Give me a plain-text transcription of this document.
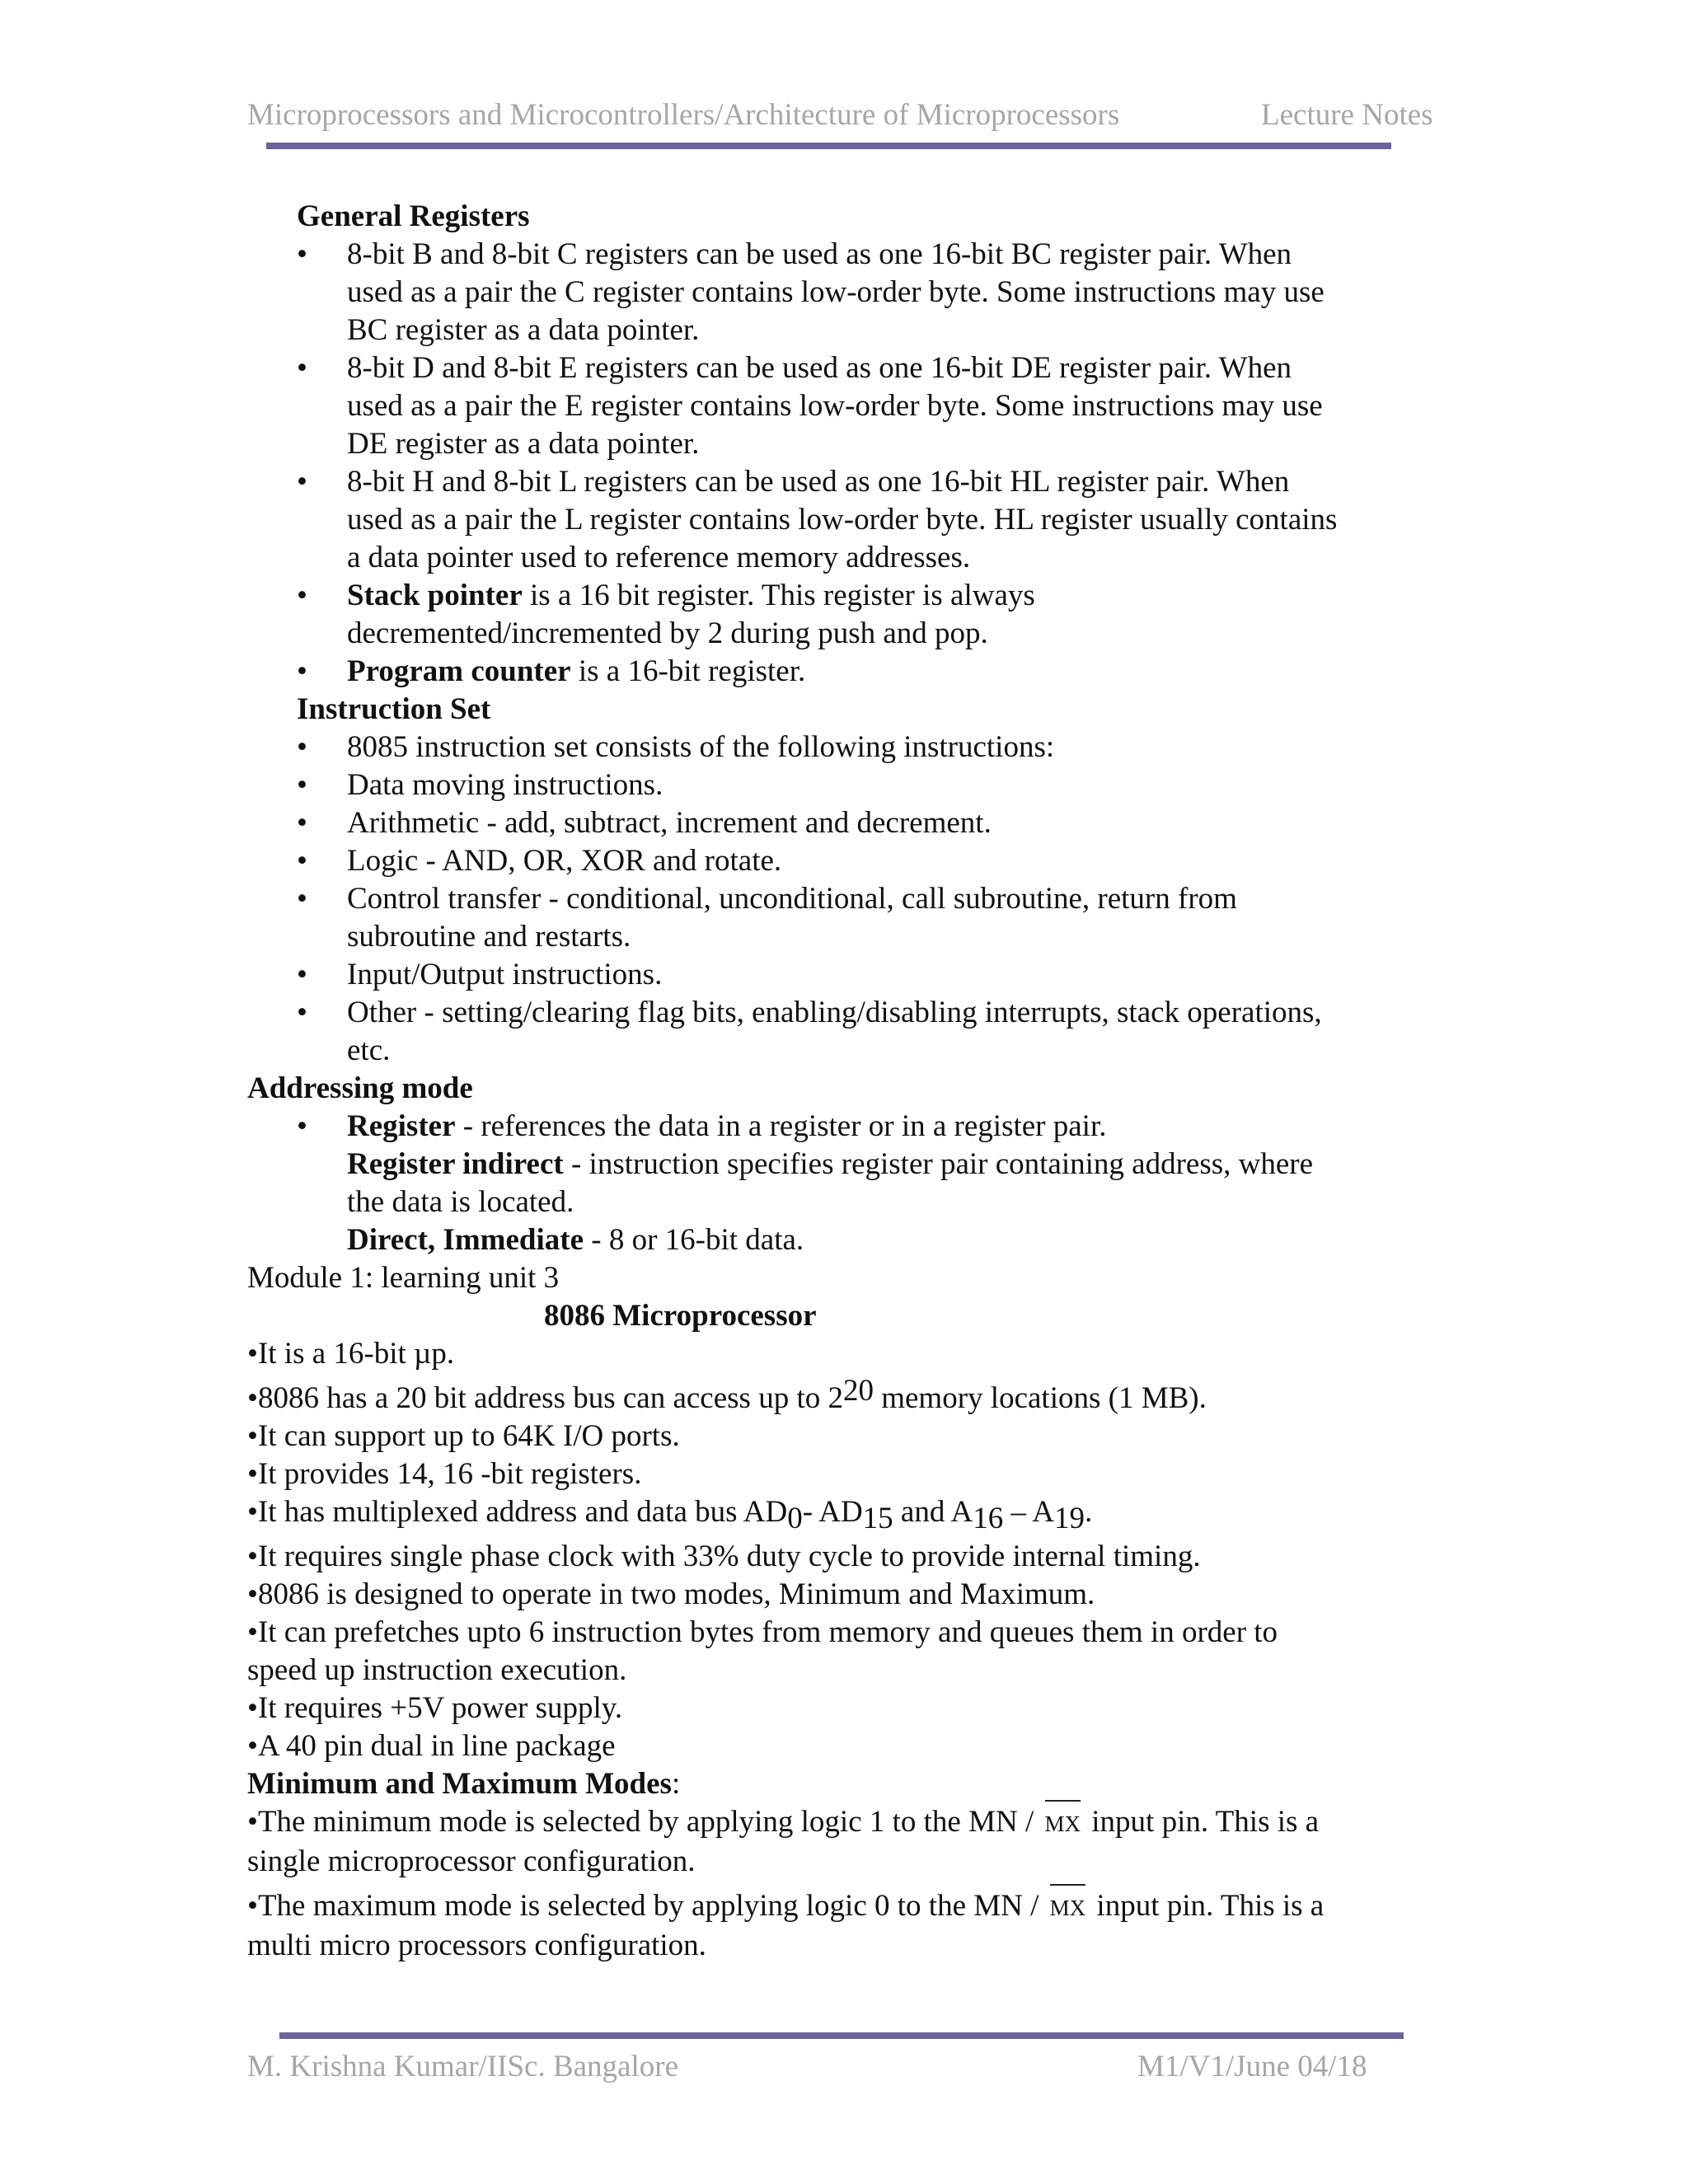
Microprocessors and Microcontrollers/Architecture of Microprocessors	Lecture Notes
General Registers
• 8-bit B and 8-bit C registers can be used as one 16-bit BC register pair. When
used as a pair the C register contains low-order byte. Some instructions may use
BC register as a data pointer.
• 8-bit D and 8-bit E registers can be used as one 16-bit DE register pair. When
used as a pair the E register contains low-order byte. Some instructions may use
DE register as a data pointer.
• 8-bit H and 8-bit L registers can be used as one 16-bit HL register pair. When
used as a pair the L register contains low-order byte. HL register usually contains
a data pointer used to reference memory addresses.
• Stack pointer is a 16 bit register. This register is always
decremented/incremented by 2 during push and pop.
• Program counter is a 16-bit register.
Instruction Set
• 8085 instruction set consists of the following instructions:
• Data moving instructions.
• Arithmetic - add, subtract, increment and decrement.
• Logic - AND, OR, XOR and rotate.
• Control transfer - conditional, unconditional, call subroutine, return from
subroutine and restarts.
• Input/Output instructions.
• Other - setting/clearing flag bits, enabling/disabling interrupts, stack operations,
etc.
Addressing mode
• Register - references the data in a register or in a register pair.
Register indirect - instruction specifies register pair containing address, where
the data is located.
Direct, Immediate - 8 or 16-bit data.
Module 1: learning unit 3
8086 Microprocessor
•It is a 16-bit µp.
•8086 has a 20 bit address bus can access up to 220 memory locations (1 MB).
•It can support up to 64K I/O ports.
•It provides 14, 16 -bit registers.
•It has multiplexed address and data bus AD0- AD15 and A16 – A19.
•It requires single phase clock with 33% duty cycle to provide internal timing.
•8086 is designed to operate in two modes, Minimum and Maximum.
•It can prefetches upto 6 instruction bytes from memory and queues them in order to
speed up instruction execution.
•It requires +5V power supply.
•A 40 pin dual in line package
Minimum and Maximum Modes:
•The minimum mode is selected by applying logic 1 to the MN / MX input pin. This is a
single microprocessor configuration.
•The maximum mode is selected by applying logic 0 to the MN / MX input pin. This is a
multi micro processors configuration.
M. Krishna Kumar/IISc. Bangalore	M1/V1/June 04/18
